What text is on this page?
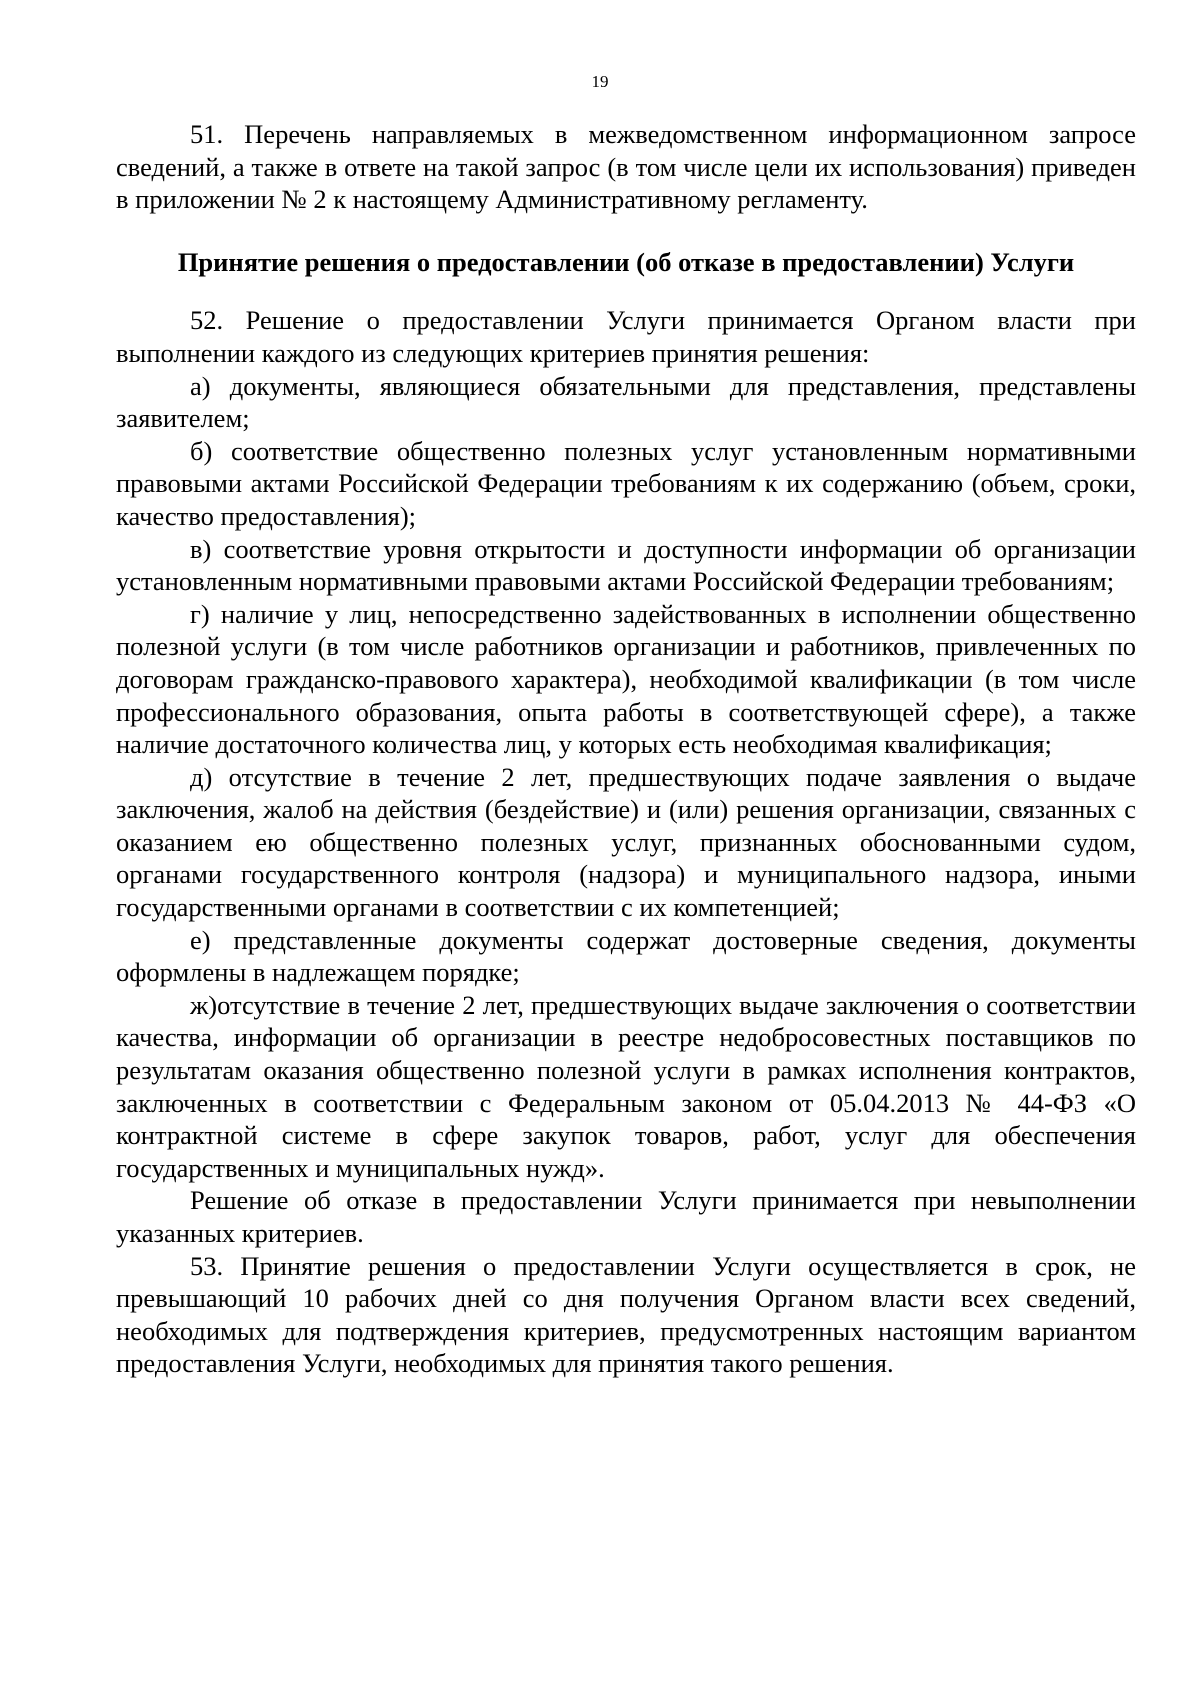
19

51. Перечень направляемых в межведомственном информационном запросе сведений, а также в ответе на такой запрос (в том числе цели их использования) приведен в приложении № 2 к настоящему Административному регламенту.

Принятие решения о предоставлении (об отказе в предоставлении) Услуги

52. Решение о предоставлении Услуги принимается Органом власти при выполнении каждого из следующих критериев принятия решения:

а) документы, являющиеся обязательными для представления, представлены заявителем;

б) соответствие общественно полезных услуг установленным нормативными правовыми актами Российской Федерации требованиям к их содержанию (объем, сроки, качество предоставления);

в) соответствие уровня открытости и доступности информации об организации установленным нормативными правовыми актами Российской Федерации требованиям;

г) наличие у лиц, непосредственно задействованных в исполнении общественно полезной услуги (в том числе работников организации и работников, привлеченных по договорам гражданско-правового характера), необходимой квалификации (в том числе профессионального образования, опыта работы в соответствующей сфере), а также наличие достаточного количества лиц, у которых есть необходимая квалификация;

д) отсутствие в течение 2 лет, предшествующих подаче заявления о выдаче заключения, жалоб на действия (бездействие) и (или) решения организации, связанных с оказанием ею общественно полезных услуг, признанных обоснованными судом, органами государственного контроля (надзора) и муниципального надзора, иными государственными органами в соответствии с их компетенцией;

е) представленные документы содержат достоверные сведения, документы оформлены в надлежащем порядке;

ж)отсутствие в течение 2 лет, предшествующих выдаче заключения о соответствии качества, информации об организации в реестре недобросовестных поставщиков по результатам оказания общественно полезной услуги в рамках исполнения контрактов, заключенных в соответствии с Федеральным законом от 05.04.2013 № 44-ФЗ «О контрактной системе в сфере закупок товаров, работ, услуг для обеспечения государственных и муниципальных нужд».

Решение об отказе в предоставлении Услуги принимается при невыполнении указанных критериев.

53. Принятие решения о предоставлении Услуги осуществляется в срок, не превышающий 10 рабочих дней со дня получения Органом власти всех сведений, необходимых для подтверждения критериев, предусмотренных настоящим вариантом предоставления Услуги, необходимых для принятия такого решения.
